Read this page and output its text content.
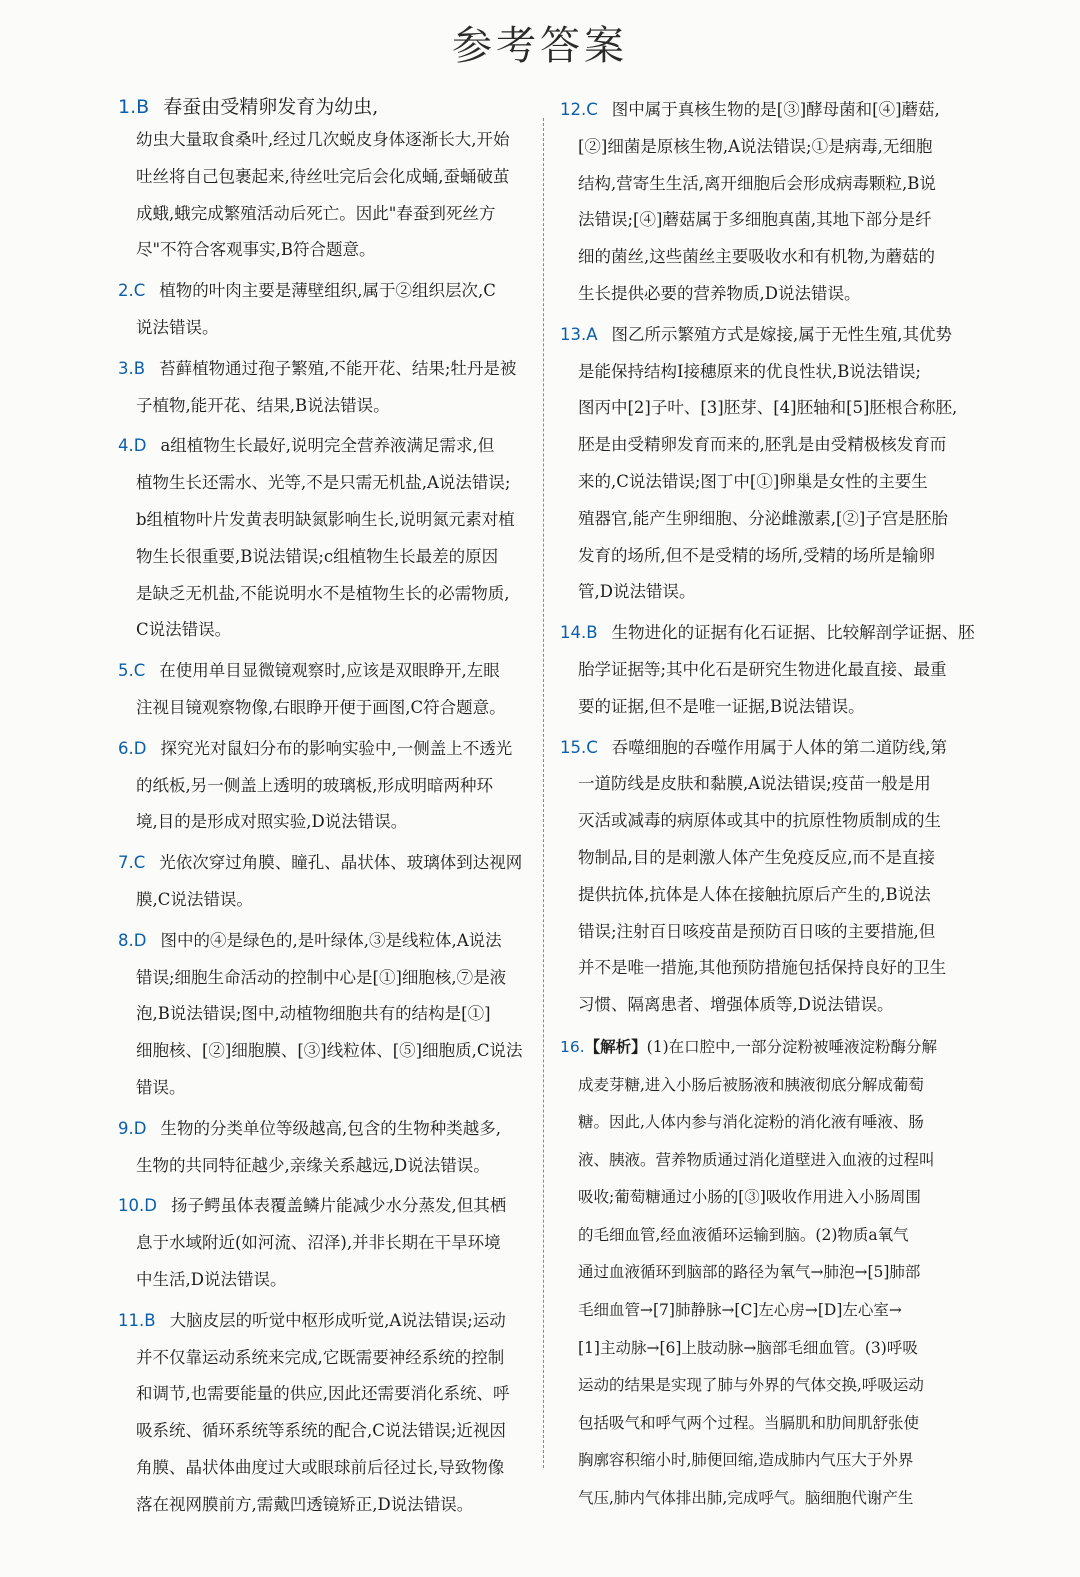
参考答案
1.B 春蚕由受精卵发育为幼虫,
幼虫大量取食桑叶,经过几次蜕皮身体逐渐长大,开始
吐丝将自己包裹起来,待丝吐完后会化成蛹,蚕蛹破茧
成蛾,蛾完成繁殖活动后死亡。因此"春蚕到死丝方
尽"不符合客观事实,B符合题意。
2.C 植物的叶肉主要是薄壁组织,属于②组织层次,C
说法错误。
3.B 苔藓植物通过孢子繁殖,不能开花、结果;牡丹是被
子植物,能开花、结果,B说法错误。
4.D a组植物生长最好,说明完全营养液满足需求,但
植物生长还需水、光等,不是只需无机盐,A说法错误;
b组植物叶片发黄表明缺氮影响生长,说明氮元素对植
物生长很重要,B说法错误;c组植物生长最差的原因
是缺乏无机盐,不能说明水不是植物生长的必需物质,
C说法错误。
5.C 在使用单目显微镜观察时,应该是双眼睁开,左眼
注视目镜观察物像,右眼睁开便于画图,C符合题意。
6.D 探究光对鼠妇分布的影响实验中,一侧盖上不透光
的纸板,另一侧盖上透明的玻璃板,形成明暗两种环
境,目的是形成对照实验,D说法错误。
7.C 光依次穿过角膜、瞳孔、晶状体、玻璃体到达视网
膜,C说法错误。
8.D 图中的④是绿色的,是叶绿体,③是线粒体,A说法
错误;细胞生命活动的控制中心是[①]细胞核,⑦是液
泡,B说法错误;图中,动植物细胞共有的结构是[①]
细胞核、[②]细胞膜、[③]线粒体、[⑤]细胞质,C说法
错误。
9.D 生物的分类单位等级越高,包含的生物种类越多,
生物的共同特征越少,亲缘关系越远,D说法错误。
10.D 扬子鳄虽体表覆盖鳞片能减少水分蒸发,但其栖
息于水域附近(如河流、沼泽),并非长期在干旱环境
中生活,D说法错误。
11.B 大脑皮层的听觉中枢形成听觉,A说法错误;运动
并不仅靠运动系统来完成,它既需要神经系统的控制
和调节,也需要能量的供应,因此还需要消化系统、呼
吸系统、循环系统等系统的配合,C说法错误;近视因
角膜、晶状体曲度过大或眼球前后径过长,导致物像
落在视网膜前方,需戴凹透镜矫正,D说法错误。
12.C 图中属于真核生物的是[③]酵母菌和[④]蘑菇,
[②]细菌是原核生物,A说法错误;①是病毒,无细胞
结构,营寄生生活,离开细胞后会形成病毒颗粒,B说
法错误;[④]蘑菇属于多细胞真菌,其地下部分是纤
细的菌丝,这些菌丝主要吸收水和有机物,为蘑菇的
生长提供必要的营养物质,D说法错误。
13.A 图乙所示繁殖方式是嫁接,属于无性生殖,其优势
是能保持结构Ⅰ接穗原来的优良性状,B说法错误;
图丙中[2]子叶、[3]胚芽、[4]胚轴和[5]胚根合称胚,
胚是由受精卵发育而来的,胚乳是由受精极核发育而
来的,C说法错误;图丁中[①]卵巢是女性的主要生
殖器官,能产生卵细胞、分泌雌激素,[②]子宫是胚胎
发育的场所,但不是受精的场所,受精的场所是输卵
管,D说法错误。
14.B 生物进化的证据有化石证据、比较解剖学证据、胚
胎学证据等;其中化石是研究生物进化最直接、最重
要的证据,但不是唯一证据,B说法错误。
15.C 吞噬细胞的吞噬作用属于人体的第二道防线,第
一道防线是皮肤和黏膜,A说法错误;疫苗一般是用
灭活或减毒的病原体或其中的抗原性物质制成的生
物制品,目的是刺激人体产生免疫反应,而不是直接
提供抗体,抗体是人体在接触抗原后产生的,B说法
错误;注射百日咳疫苗是预防百日咳的主要措施,但
并不是唯一措施,其他预防措施包括保持良好的卫生
习惯、隔离患者、增强体质等,D说法错误。
16.【解析】(1)在口腔中,一部分淀粉被唾液淀粉酶分解
成麦芽糖,进入小肠后被肠液和胰液彻底分解成葡萄
糖。因此,人体内参与消化淀粉的消化液有唾液、肠
液、胰液。营养物质通过消化道壁进入血液的过程叫
吸收;葡萄糖通过小肠的[③]吸收作用进入小肠周围
的毛细血管,经血液循环运输到脑。(2)物质a氧气
通过血液循环到脑部的路径为氧气→肺泡→[5]肺部
毛细血管→[7]肺静脉→[C]左心房→[D]左心室→
[1]主动脉→[6]上肢动脉→脑部毛细血管。(3)呼吸
运动的结果是实现了肺与外界的气体交换,呼吸运动
包括吸气和呼气两个过程。当膈肌和肋间肌舒张使
胸廓容积缩小时,肺便回缩,造成肺内气压大于外界
气压,肺内气体排出肺,完成呼气。脑细胞代谢产生
